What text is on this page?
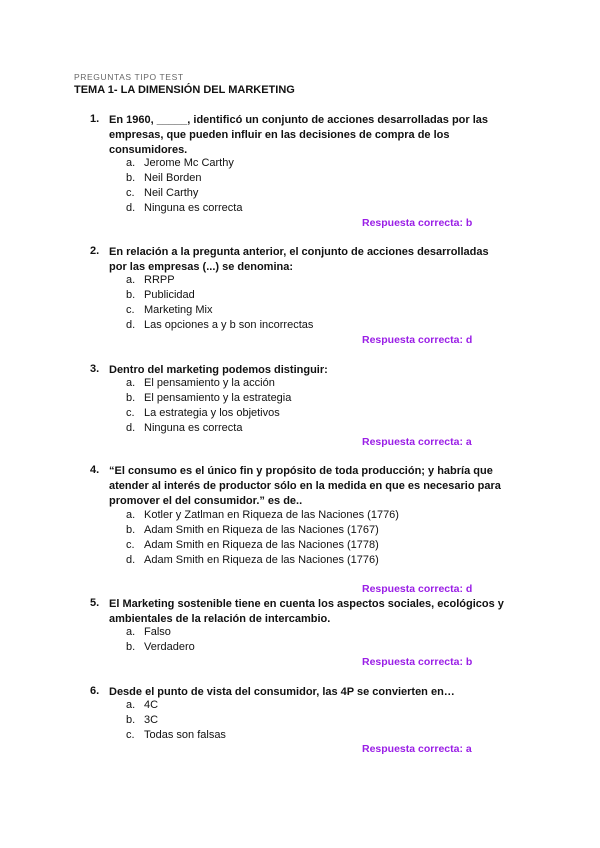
PREGUNTAS TIPO TEST
TEMA 1- LA DIMENSIÓN DEL MARKETING
1. En 1960, _____, identificó un conjunto de acciones desarrolladas por las empresas, que pueden influir en las decisiones de compra de los consumidores.
a. Jerome Mc Carthy
b. Neil Borden
c. Neil Carthy
d. Ninguna es correcta
Respuesta correcta: b
2. En relación a la pregunta anterior, el conjunto de acciones desarrolladas por las empresas (...) se denomina:
a. RRPP
b. Publicidad
c. Marketing Mix
d. Las opciones a y b son incorrectas
Respuesta correcta: d
3. Dentro del marketing podemos distinguir:
a. El pensamiento y la acción
b. El pensamiento y la estrategia
c. La estrategia y los objetivos
d. Ninguna es correcta
Respuesta correcta: a
4. “El consumo es el único fin y propósito de toda producción; y habría que atender al interés de productor sólo en la medida en que es necesario para promover el del consumidor.” es de..
a. Kotler y Zatlman en Riqueza de las Naciones (1776)
b. Adam Smith en Riqueza de las Naciones (1767)
c. Adam Smith en Riqueza de las Naciones (1778)
d. Adam Smith en Riqueza de las Naciones (1776)
Respuesta correcta: d
5. El Marketing sostenible tiene en cuenta los aspectos sociales, ecológicos y ambientales de la relación de intercambio.
a. Falso
b. Verdadero
Respuesta correcta: b
6. Desde el punto de vista del consumidor, las 4P se convierten en…
a. 4C
b. 3C
c. Todas son falsas
Respuesta correcta: a
